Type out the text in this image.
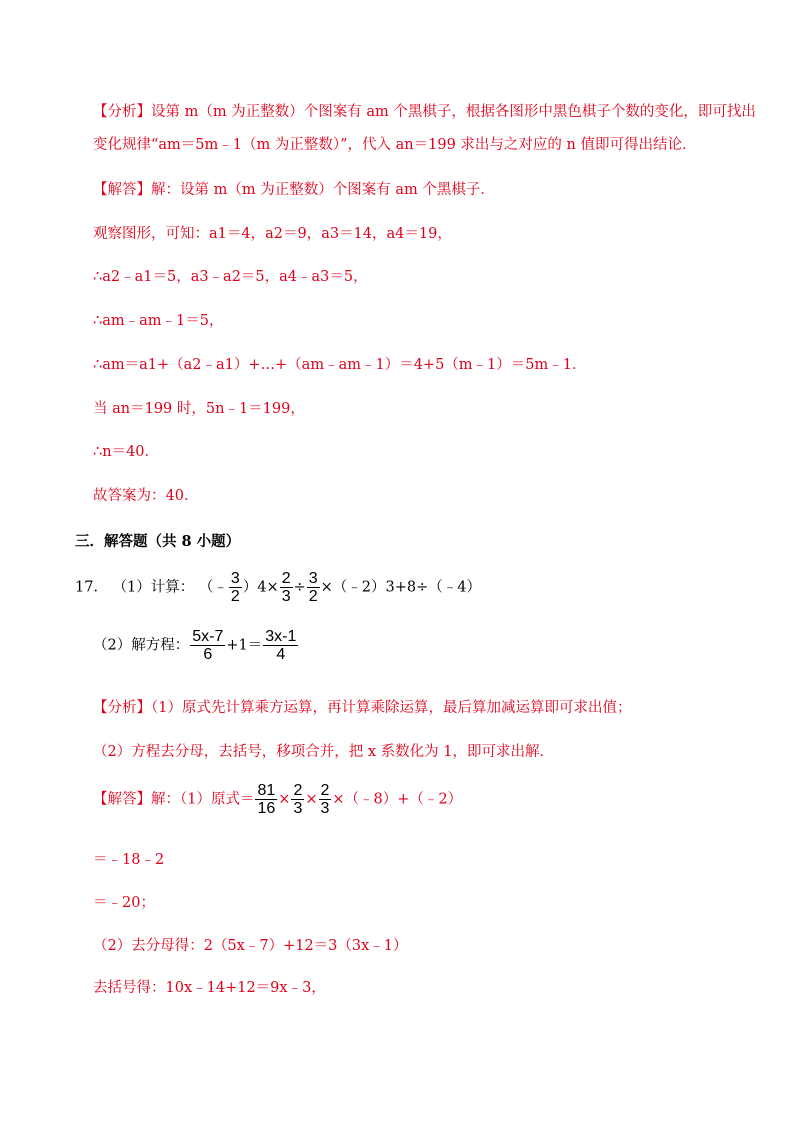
【分析】设第 m（m 为正整数）个图案有 am 个黑棋子，根据各图形中黑色棋子个数的变化，即可找出
变化规律“am＝5m﹣1（m 为正整数）”，代入 an＝199 求出与之对应的 n 值即可得出结论．
【解答】解：设第 m（m 为正整数）个图案有 am 个黑棋子．
观察图形，可知：a1＝4，a2＝9，a3＝14，a4＝19，
∴a2﹣a1＝5，a3﹣a2＝5，a4﹣a3＝5，
∴am﹣am﹣1＝5，
∴am＝a1+（a2﹣a1）+…+（am﹣am﹣1）＝4+5（m﹣1）＝5m﹣1．
当 an＝199 时，5n﹣1＝199，
∴n＝40．
故答案为：40．
三．解答题（共 8 小题）
17． （1）计算： （﹣ $\frac{3}{2} )4\times \frac{2}{3} \div \frac{3}{2}$ ×（﹣2）3+8÷（﹣4）
（2）解方程： $\frac{5x-7}{6} +1= \frac{3x-1}{4}$
【分析】（1）原式先计算乘方运算，再计算乘除运算，最后算加减运算即可求出值；
（2）方程去分母，去括号，移项合并，把 x 系数化为 1，即可求出解．
【解答】解：（1）原式＝ $\frac{81}{16} \times \frac{2}{3} \times \frac{2}{3}$ ×（﹣8）+（﹣2）
＝﹣18﹣2
＝﹣20；
（2）去分母得：2（5x﹣7）+12＝3（3x﹣1）
去括号得：10x﹣14+12＝9x﹣3，
